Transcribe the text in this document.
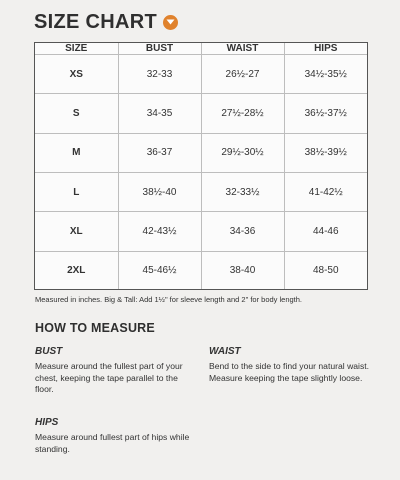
SIZE CHART
SIZE	BUST	WAIST	HIPS
XS	32-33	26½-27	34½-35½
S	34-35	27½-28½	36½-37½
M	36-37	29½-30½	38½-39½
L	38½-40	32-33½	41-42½
XL	42-43½	34-36	44-46
2XL	45-46½	38-40	48-50
Measured in inches. Big & Tall: Add 1½" for sleeve length and 2" for body length.
HOW TO MEASURE
BUST
Measure around the fullest part of your chest, keeping the tape parallel to the floor.
WAIST
Bend to the side to find your natural waist. Measure keeping the tape slightly loose.
HIPS
Measure around fullest part of hips while standing.
